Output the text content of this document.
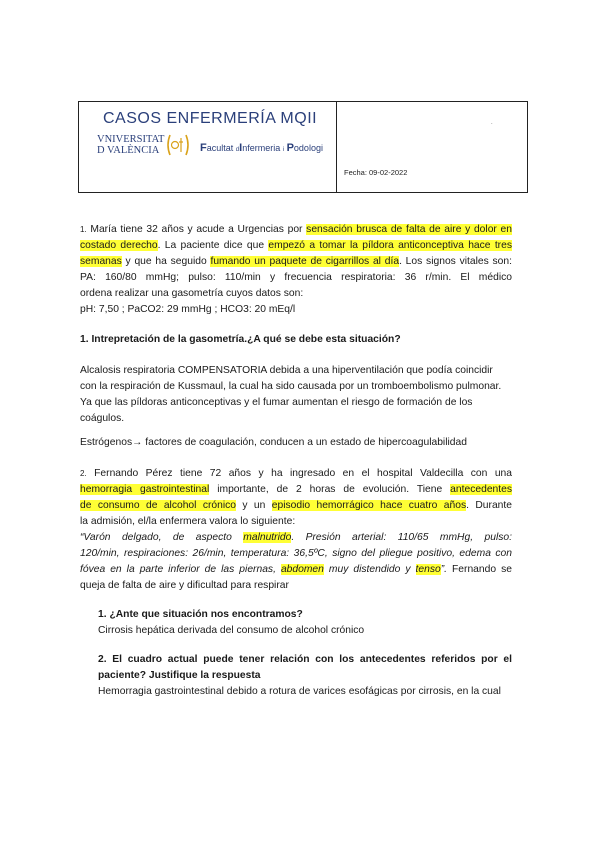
CASOS ENFERMERÍA MQII
VNIVERSITAT
D VALÈNCIA	Facultat dInfermeria i Podologi
Fecha: 09-02-2022
.
1. María tiene 32 años y acude a Urgencias por sensación brusca de falta de aire y dolor en
costado derecho. La paciente dice que empezó a tomar la píldora anticonceptiva hace tres
semanas y que ha seguido fumando un paquete de cigarrillos al día. Los signos vitales son:
PA: 160/80 mmHg; pulso: 110/min y frecuencia respiratoria: 36 r/min. El médico
ordena realizar una gasometría cuyos datos son:
pH: 7,50 ; PaCO2: 29 mmHg ; HCO3: 20 mEq/l
1. Intrepretación de la gasometría.¿A qué se debe esta situación?
Alcalosis respiratoria COMPENSATORIA debida a una hiperventilación que podía coincidir
con la respiración de Kussmaul, la cual ha sido causada por un tromboembolismo pulmonar.
Ya que las píldoras anticonceptivas y el fumar aumentan el riesgo de formación de los
coágulos.
Estrógenos→ factores de coagulación, conducen a un estado de hipercoagulabilidad
2. Fernando Pérez tiene 72 años y ha ingresado en el hospital Valdecilla con una
hemorragia gastrointestinal importante, de 2 horas de evolución. Tiene antecedentes
de consumo de alcohol crónico y un episodio hemorrágico hace cuatro años. Durante
la admisión, el/la enfermera valora lo siguiente:
“Varón delgado, de aspecto malnutrido. Presión arterial: 110/65 mmHg, pulso:
120/min, respiraciones: 26/min, temperatura: 36,5ºC, signo del pliegue positivo, edema con
fóvea en la parte inferior de las piernas, abdomen muy distendido y tenso”. Fernando se
queja de falta de aire y dificultad para respirar
1. ¿Ante que situación nos encontramos?
Cirrosis hepática derivada del consumo de alcohol crónico
2. El cuadro actual puede tener relación con los antecedentes referidos por el
paciente? Justifique la respuesta
Hemorragia gastrointestinal debido a rotura de varices esofágicas por cirrosis, en la cual
